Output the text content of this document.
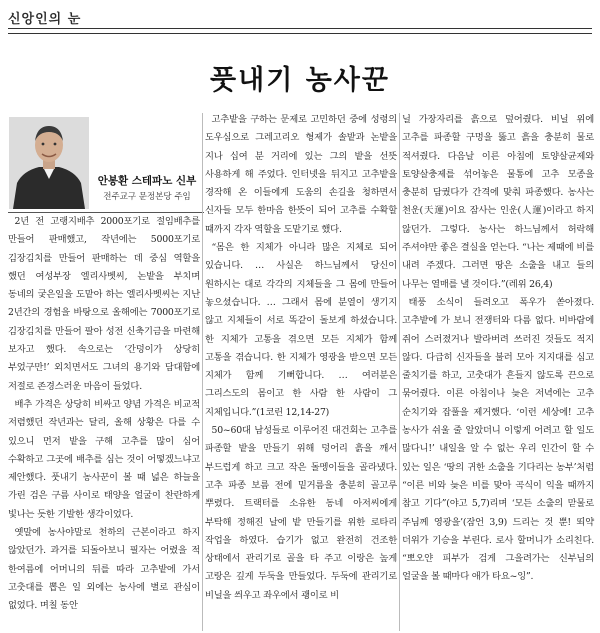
신앙인의 눈
풋내기 농사꾼
안봉환 스테파노 신부
전주교구 문정본당 주임

2년 전 고랭지배추 2000포기로 절임배추를 만들어 판매했고, 작년에는 5000포기로 김장김치를 만들어 판매하는 데 중심 역할을 했던 여성부장 엘리사벳씨, 논밭을 부치며 동네의 궂은일을 도맡아 하는 엘리사벳씨는 지난 2년간의 경험을 바탕으로 올해에는 7000포기로 김장김치를 만들어 팔아 성전 신축기금을 마련해 보자고 했다. 속으로는 ‘간덩이가 상당히 부었구만!’ 외치면서도 그녀의 용기와 담대함에 저절로 존경스러운 마음이 들었다.

배추 가격은 상당히 비싸고 양념 가격은 비교적 저렴했던 작년과는 달리, 올해 상황은 다를 수 있으니 먼저 밭을 구해 고추를 많이 심어 수확하고 그곳에 배추를 심는 것이 어떻겠느냐고 제안했다. 풋내기 농사꾼이 볼 때 넓은 하늘을 가린 검은 구름 사이로 태양을 얼굴이 찬란하게 빛나는 듯한 기발한 생각이었다.

옛말에 농사야말로 천하의 근본이라고 하지 않았던가. 과거를 되돌아보니 필자는 어렸을 적 한여름에 어머니의 뒤를 따라 고추밭에 가서 고춧대를 뽑은 일 외에는 농사에 별로 관심이 없었다. 며칠 동안

고추밭을 구하는 문제로 고민하던 중에 성령의 도우심으로 그레고리오 형제가 솔밭과 논밭을 지나 십여 분 거리에 있는 그의 밭을 선뜻 사용하게 해 주었다. 인터넷을 뒤지고 고추밭을 경작해 온 이들에게 도움의 손길을 청하면서 신자들 모두 한마음 한뜻이 되어 고추를 수확할 때까지 각자 역할을 도맡기로 했다.

“몸은 한 지체가 아니라 많은 지체로 되어 있습니다. … 사실은 하느님께서 당신이 원하시는 대로 각각의 지체들을 그 몸에 만들어 놓으셨습니다. … 그래서 몸에 분열이 생기지 않고 지체들이 서로 똑같이 돌보게 하셨습니다. 한 지체가 고통을 겪으면 모든 지체가 함께 고통을 겪습니다. 한 지체가 영광을 받으면 모든 지체가 함께 기뻐합니다. … 여러분은 그리스도의 몸이고 한 사람 한 사람이 그 지체입니다.”(1코린 12,14-27)

50~60대 남성들로 이루어진 대건회는 고추를 파종할 밭을 만들기 위해 덩어리 흙을 깨서 부드럽게 하고 크고 작은 돌멩이들을 골라냈다. 고추 파종 보름 전에 밑거름을 충분히 골고루 뿌렸다. 트랙터를 소유한 동네 아저씨에게 부탁해 정해진 날에 밭 만들기를 위한 로타리 작업을 하였다. 습기가 없고 완전히 건조한 상태에서 관리기로 골을 타 주고 이랑은 높게 고랑은 깊게 두둑을 만들었다. 두둑에 관리기로 비닐을 씌우고 좌우에서 괭이로 비

닐 가장자리를 흙으로 덮어줬다. 비닐 위에 고추를 파종할 구멍을 뚫고 흙을 충분히 물로 적셔줬다. 다음날 이른 아침에 토양살균제와 토양살충제를 섞어놓은 물통에 고추 모종을 충분히 담궜다가 간격에 맞춰 파종했다. 농사는 천운(天運)이요 잠사는 인운(人運)이라고 하지 않던가. 그렇다. 농사는 하느님께서 허락해 주셔야만 좋은 결실을 얻는다. “나는 제때에 비를 내려 주겠다. 그러면 땅은 소출을 내고 들의 나무는 열매를 낼 것이다.”(레위 26,4)

태풍 소식이 들려오고 폭우가 쏟아졌다. 고추밭에 가 보니 전쟁터와 다름 없다. 비바람에 쥐어 스러졌거나 발라버려 쓰러진 것들도 적지 않다. 다급히 신자들을 불러 모아 지지대를 심고 줄치기를 하고, 고춧대가 흔들지 않도록 끈으로 묶어줬다. 이른 아침이나 늦은 저녁에는 고추 순치기와 잡풀을 제거했다. ‘이런 세상에! 고추 농사가 쉬울 줄 알았더니 이렇게 어려고 할 일도 많다니!’ 내일을 알 수 없는 우리 인간이 할 수 있는 일은 ‘땅의 귀한 소출을 기다리는 농부’처럼 “이른 비와 늦은 비를 맞아 곡식이 익을 때까지 참고 기다”(야고 5,7)리며 ‘모든 소출의 맏물로 주님께 영광을’(잠언 3,9) 드리는 것 뿐! 뙤약 더위가 기승을 부린다. 로사 할머니가 소리친다. “뽀오얀 피부가 검게 그을려가는 신부님의 얼굴을 볼 때마다 애가 타요~잉”.
